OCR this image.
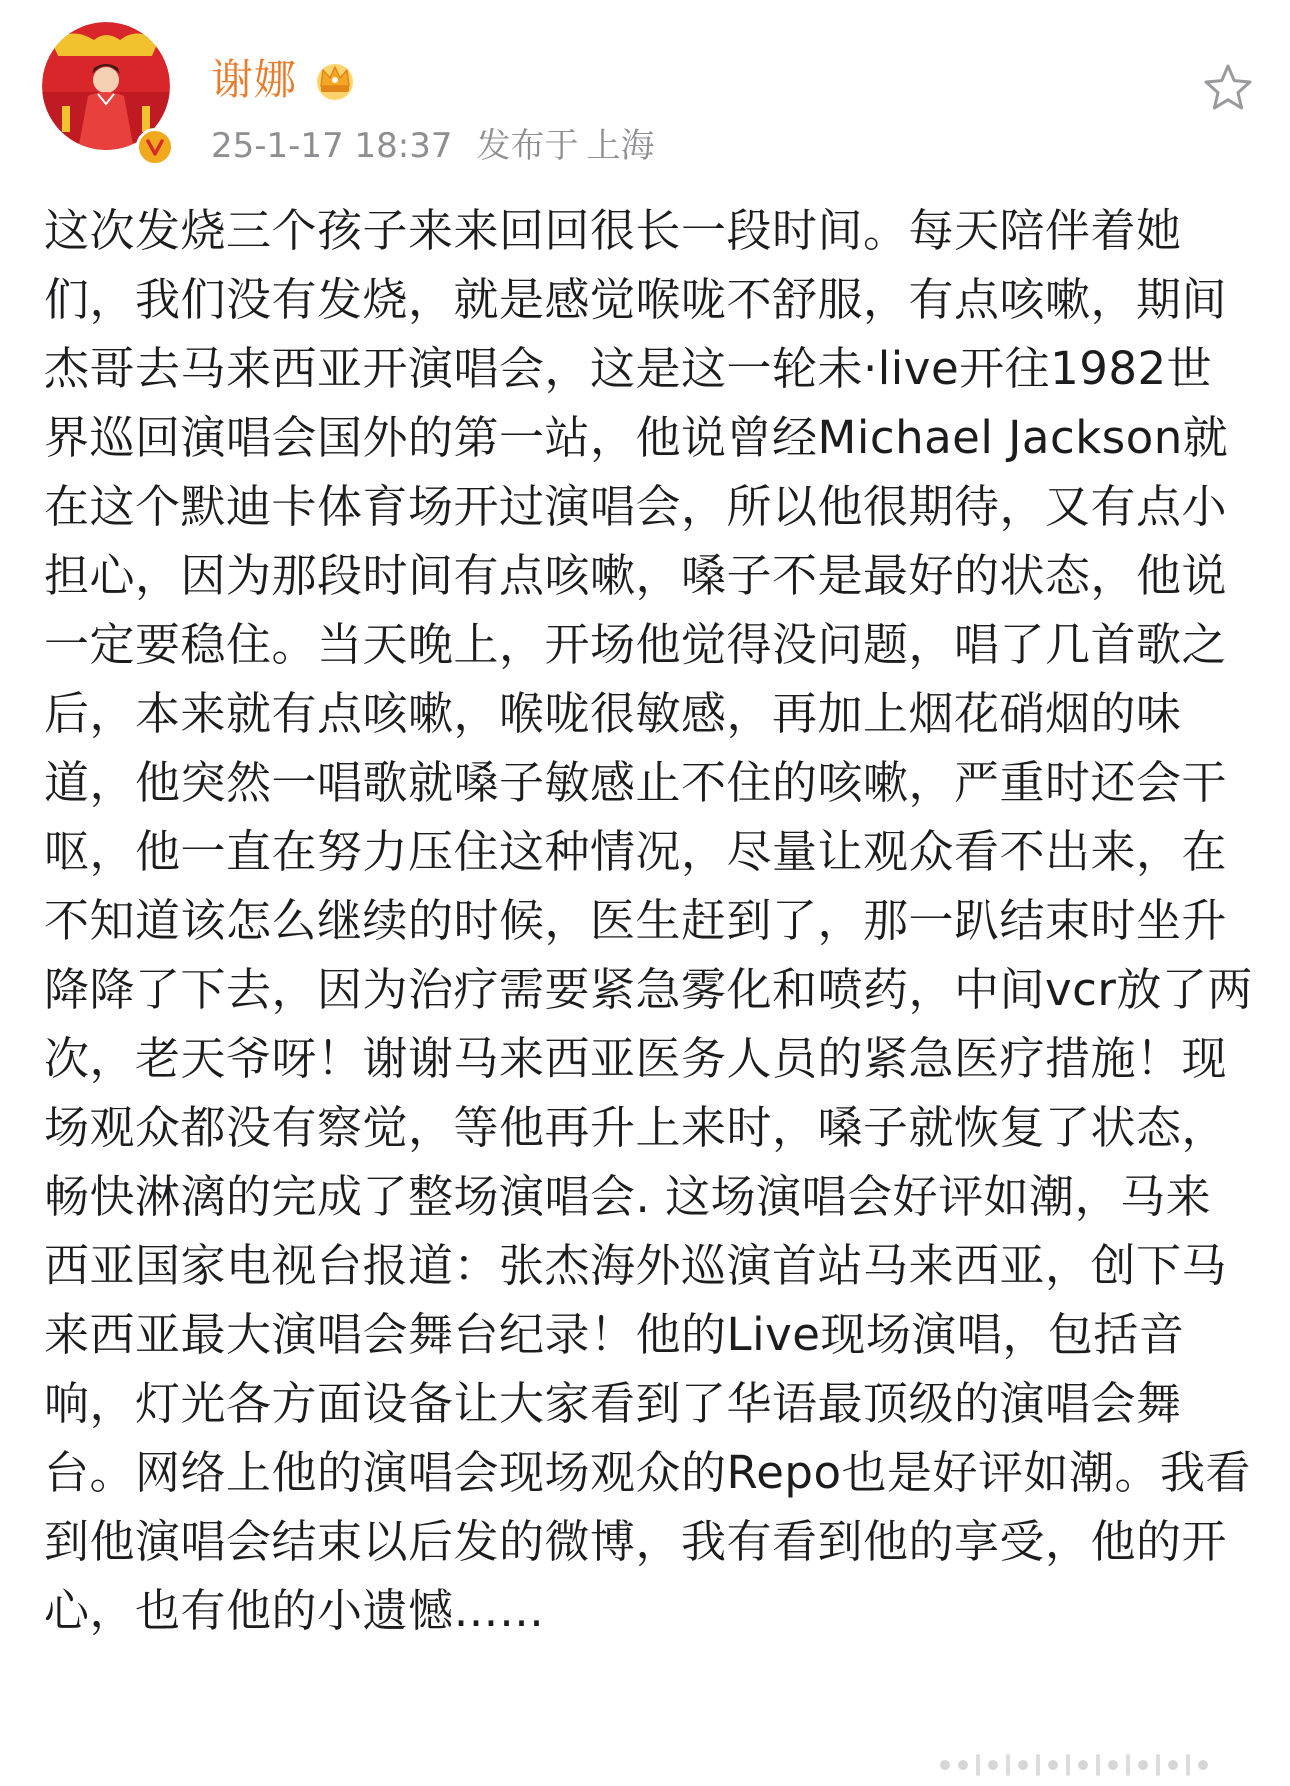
谢娜
25-1-17 18:37 发布于 上海
这次发烧三个孩子来来回回很长一段时间。每天陪伴着她们，我们没有发烧，就是感觉喉咙不舒服，有点咳嗽，期间杰哥去马来西亚开演唱会，这是这一轮未·live开往1982世界巡回演唱会国外的第一站，他说曾经Michael Jackson就在这个默迪卡体育场开过演唱会，所以他很期待，又有点小担心，因为那段时间有点咳嗽，嗓子不是最好的状态，他说一定要稳住。当天晚上，开场他觉得没问题，唱了几首歌之后，本来就有点咳嗽，喉咙很敏感，再加上烟花硝烟的味道，他突然一唱歌就嗓子敏感止不住的咳嗽，严重时还会干呕，他一直在努力压住这种情况，尽量让观众看不出来，在不知道该怎么继续的时候，医生赶到了，那一趴结束时坐升降降了下去，因为治疗需要紧急雾化和喷药，中间vcr放了两次，老天爷呀！谢谢马来西亚医务人员的紧急医疗措施！现场观众都没有察觉，等他再升上来时，嗓子就恢复了状态，畅快淋漓的完成了整场演唱会. 这场演唱会好评如潮，马来西亚国家电视台报道：张杰海外巡演首站马来西亚，创下马来西亚最大演唱会舞台纪录！他的Live现场演唱，包括音响，灯光各方面设备让大家看到了华语最顶级的演唱会舞台。网络上他的演唱会现场观众的Repo也是好评如潮。我看到他演唱会结束以后发的微博，我有看到他的享受，他的开心，也有他的小遗憾……
